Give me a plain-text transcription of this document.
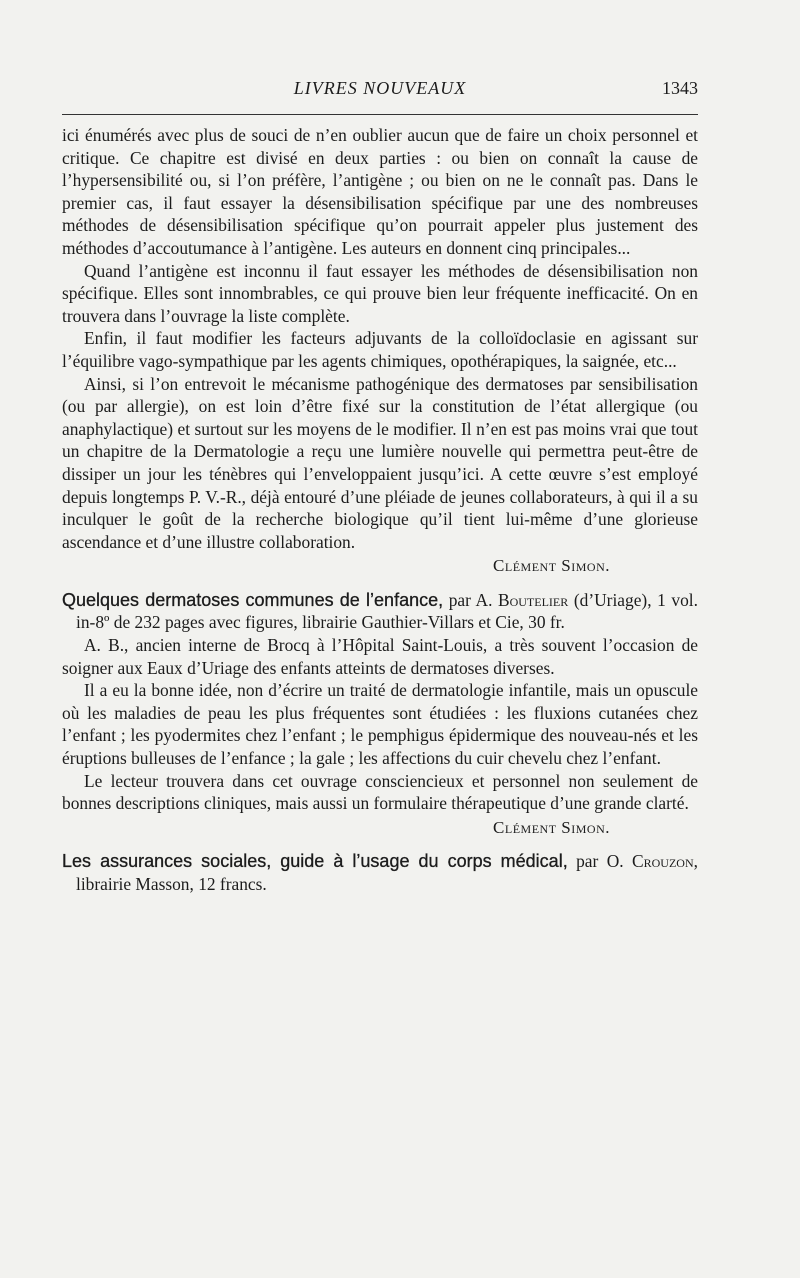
LIVRES NOUVEAUX	1343

ici énumérés avec plus de souci de n’en oublier aucun que de faire un choix personnel et critique. Ce chapitre est divisé en deux parties : ou bien on connaît la cause de l’hypersensibilité ou, si l’on préfère, l’antigène ; ou bien on ne le connaît pas. Dans le premier cas, il faut essayer la désensibilisation spécifique par une des nombreuses méthodes de désensibilisation spécifique qu’on pourrait appeler plus justement des méthodes d’accoutumance à l’antigène. Les auteurs en donnent cinq principales...

Quand l’antigène est inconnu il faut essayer les méthodes de désensibilisation non spécifique. Elles sont innombrables, ce qui prouve bien leur fréquente inefficacité. On en trouvera dans l’ouvrage la liste complète.

Enfin, il faut modifier les facteurs adjuvants de la colloïdoclasie en agissant sur l’équilibre vago-sympathique par les agents chimiques, opothérapiques, la saignée, etc...

Ainsi, si l’on entrevoit le mécanisme pathogénique des dermatoses par sensibilisation (ou par allergie), on est loin d’être fixé sur la constitution de l’état allergique (ou anaphylactique) et surtout sur les moyens de le modifier. Il n’en est pas moins vrai que tout un chapitre de la Dermatologie a reçu une lumière nouvelle qui permettra peut-être de dissiper un jour les ténèbres qui l’enveloppaient jusqu’ici. A cette œuvre s’est employé depuis longtemps P. V.-R., déjà entouré d’une pléiade de jeunes collaborateurs, à qui il a su inculquer le goût de la recherche biologique qu’il tient lui-même d’une glorieuse ascendance et d’une illustre collaboration.

Clément Simon.

Quelques dermatoses communes de l’enfance, par A. Boutelier (d’Uriage), 1 vol. in-8º de 232 pages avec figures, librairie Gauthier-Villars et Cie, 30 fr.

A. B., ancien interne de Brocq à l’Hôpital Saint-Louis, a très souvent l’occasion de soigner aux Eaux d’Uriage des enfants atteints de dermatoses diverses.

Il a eu la bonne idée, non d’écrire un traité de dermatologie infantile, mais un opuscule où les maladies de peau les plus fréquentes sont étudiées : les fluxions cutanées chez l’enfant ; les pyodermites chez l’enfant ; le pemphigus épidermique des nouveau-nés et les éruptions bulleuses de l’enfance ; la gale ; les affections du cuir chevelu chez l’enfant.

Le lecteur trouvera dans cet ouvrage consciencieux et personnel non seulement de bonnes descriptions cliniques, mais aussi un formulaire thérapeutique d’une grande clarté.

Clément Simon.

Les assurances sociales, guide à l’usage du corps médical, par O. Crouzon, librairie Masson, 12 francs.
